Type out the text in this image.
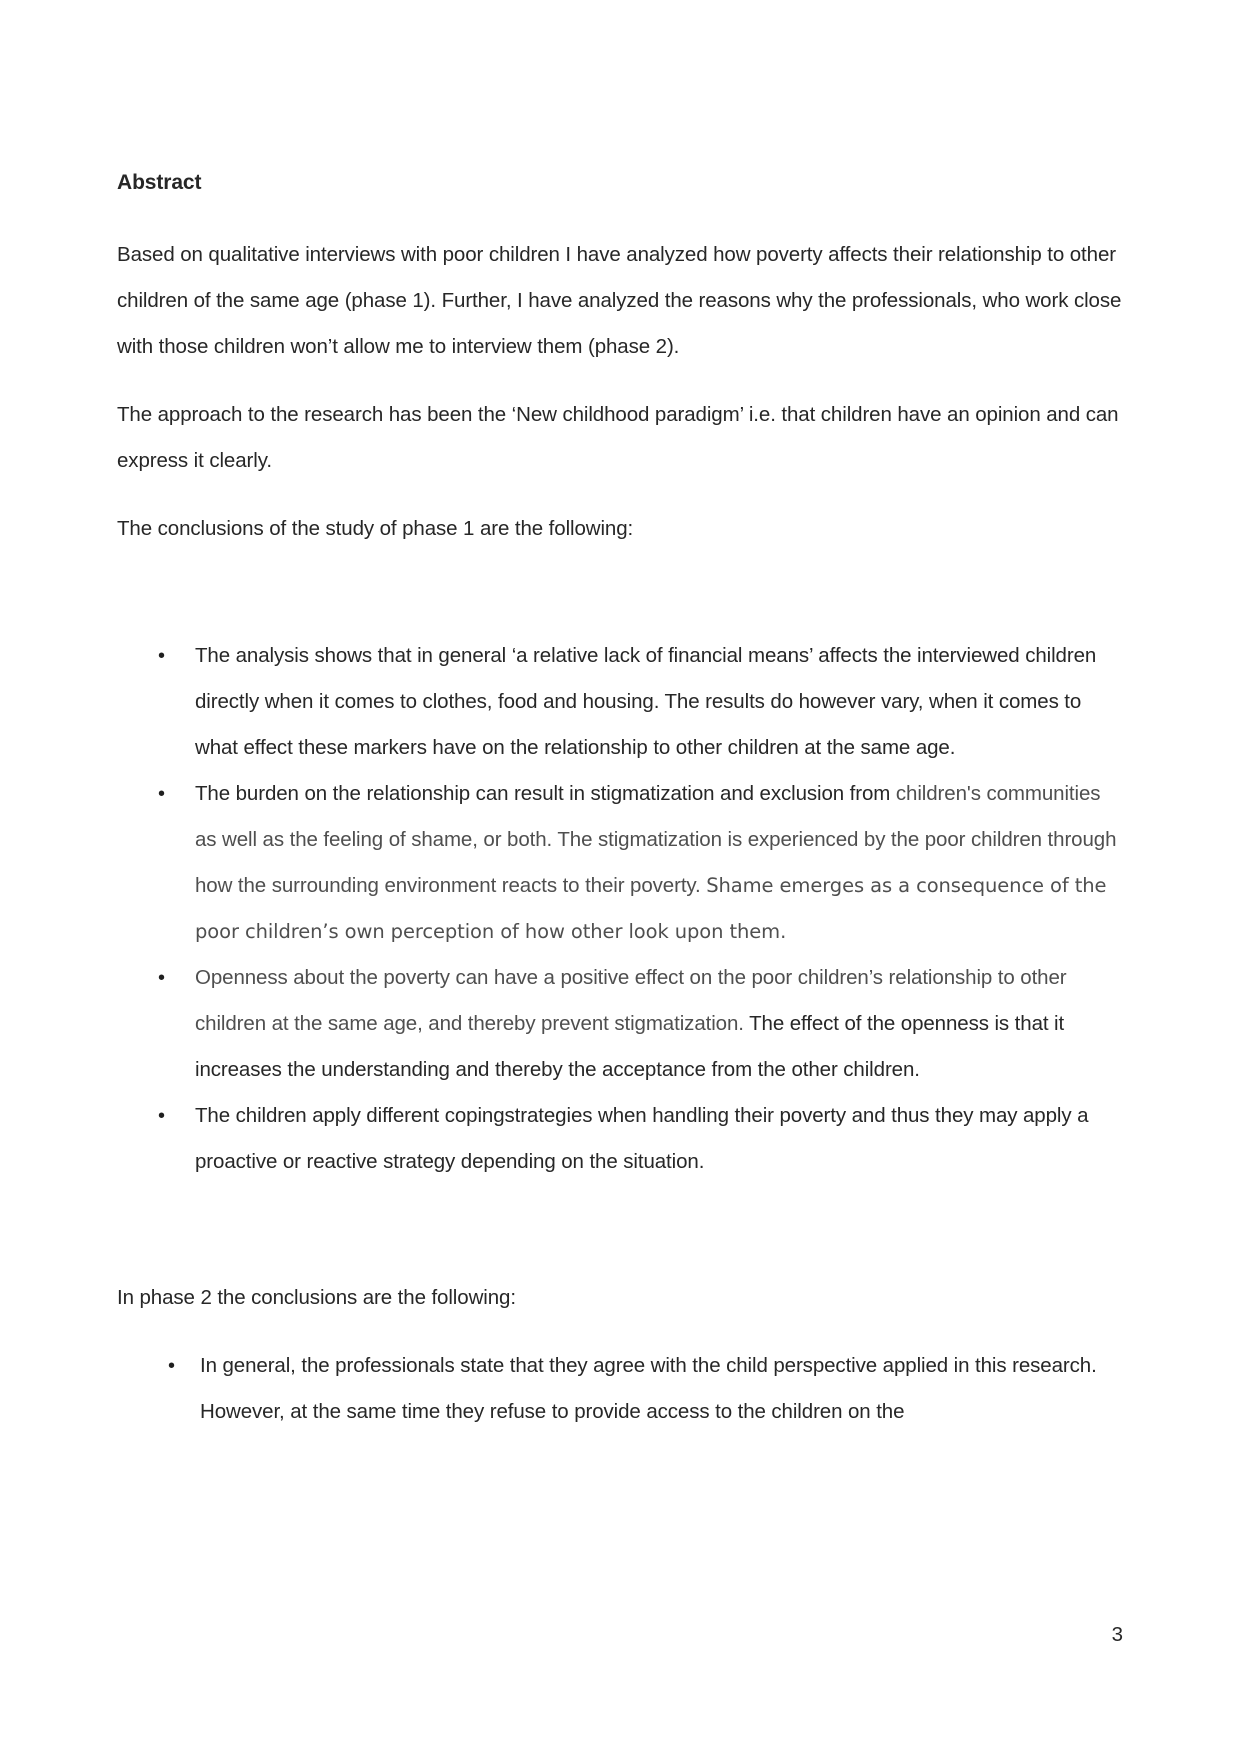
Abstract

Based on qualitative interviews with poor children I have analyzed how poverty affects their relationship to other children of the same age (phase 1). Further, I have analyzed the reasons why the professionals, who work close with those children won’t allow me to interview them (phase 2).

The approach to the research has been the ‘New childhood paradigm’ i.e. that children have an opinion and can express it clearly.

The conclusions of the study of phase 1 are the following:

• The analysis shows that in general ‘a relative lack of financial means’ affects the interviewed children directly when it comes to clothes, food and housing. The results do however vary, when it comes to what effect these markers have on the relationship to other children at the same age.
• The burden on the relationship can result in stigmatization and exclusion from children's communities as well as the feeling of shame, or both. The stigmatization is experienced by the poor children through how the surrounding environment reacts to their poverty. Shame emerges as a consequence of the poor children’s own perception of how other look upon them.
• Openness about the poverty can have a positive effect on the poor children’s relationship to other children at the same age, and thereby prevent stigmatization. The effect of the openness is that it increases the understanding and thereby the acceptance from the other children.
• The children apply different copingstrategies when handling their poverty and thus they may apply a proactive or reactive strategy depending on the situation.

In phase 2 the conclusions are the following:

• In general, the professionals state that they agree with the child perspective applied in this research. However, at the same time they refuse to provide access to the children on the
3
